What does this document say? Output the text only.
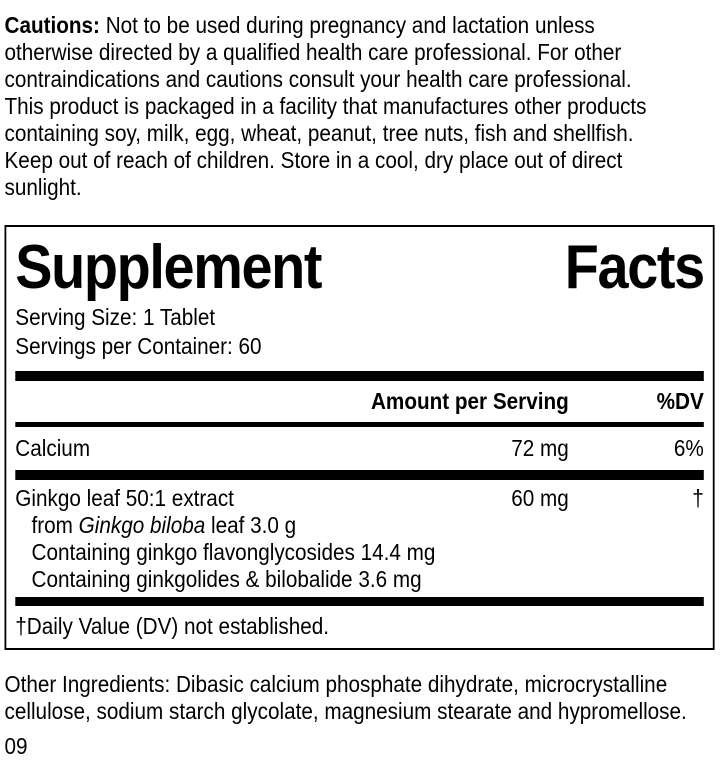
Cautions: Not to be used during pregnancy and lactation unless
otherwise directed by a qualified health care professional. For other
contraindications and cautions consult your health care professional.
This product is packaged in a facility that manufactures other products
containing soy, milk, egg, wheat, peanut, tree nuts, fish and shellfish.
Keep out of reach of children. Store in a cool, dry place out of direct
sunlight.

Supplement	Facts
Serving Size: 1 Tablet
Servings per Container: 60
Amount per Serving	%DV
Calcium	72 mg	6%
Ginkgo leaf 50:1 extract	60 mg	†
from Ginkgo biloba leaf 3.0 g
Containing ginkgo flavonglycosides 14.4 mg
Containing ginkgolides & bilobalide 3.6 mg
†Daily Value (DV) not established.

Other Ingredients: Dibasic calcium phosphate dihydrate, microcrystalline
cellulose, sodium starch glycolate, magnesium stearate and hypromellose.

09
